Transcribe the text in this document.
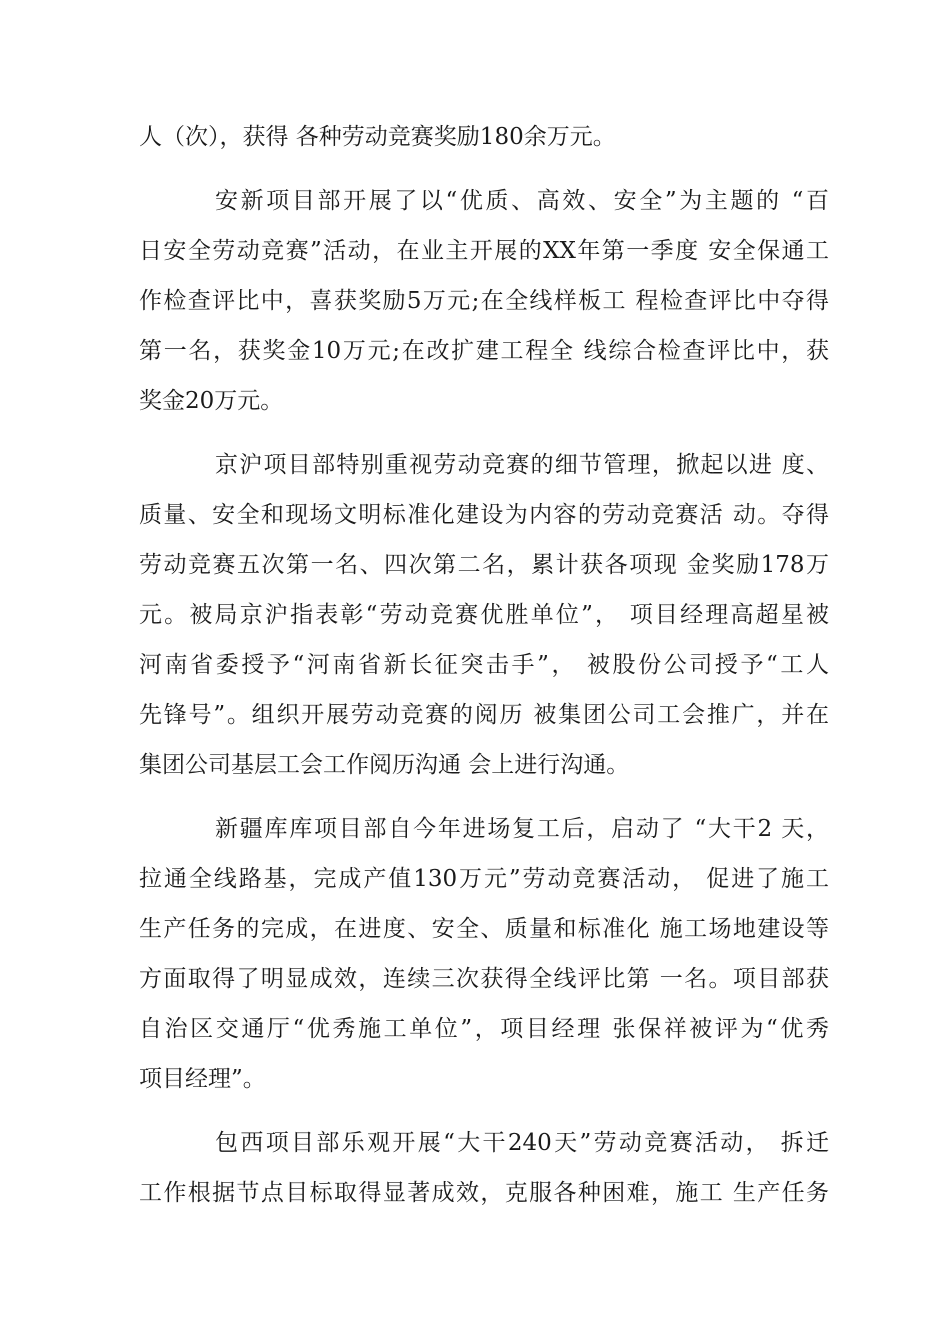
人（次），获得 各种劳动竞赛奖励180余万元。
安新项目部开展了以“优质、高效、安全”为主题的 “百
日安全劳动竞赛”活动，在业主开展的XX年第一季度 安全保通工
作检查评比中，喜获奖励5万元;在全线样板工 程检查评比中夺得
第一名，获奖金10万元;在改扩建工程全 线综合检查评比中，获
奖金20万元。
京沪项目部特别重视劳动竞赛的细节管理，掀起以进 度、
质量、安全和现场文明标准化建设为内容的劳动竞赛活 动。夺得
劳动竞赛五次第一名、四次第二名，累计获各项现 金奖励178万
元。被局京沪指表彰“劳动竞赛优胜单位”， 项目经理高超星被
河南省委授予“河南省新长征突击手”， 被股份公司授予“工人
先锋号”。组织开展劳动竞赛的阅历 被集团公司工会推广，并在
集团公司基层工会工作阅历沟通 会上进行沟通。
新疆库库项目部自今年进场复工后，启动了 “大干2 天，
拉通全线路基，完成产值130万元”劳动竞赛活动， 促进了施工
生产任务的完成，在进度、安全、质量和标准化 施工场地建设等
方面取得了明显成效，连续三次获得全线评比第 一名。项目部获
自治区交通厅“优秀施工单位”，项目经理 张保祥被评为“优秀
项目经理”。
包西项目部乐观开展“大干240天”劳动竞赛活动， 拆迁
工作根据节点目标取得显著成效，克服各种困难，施工 生产任务
